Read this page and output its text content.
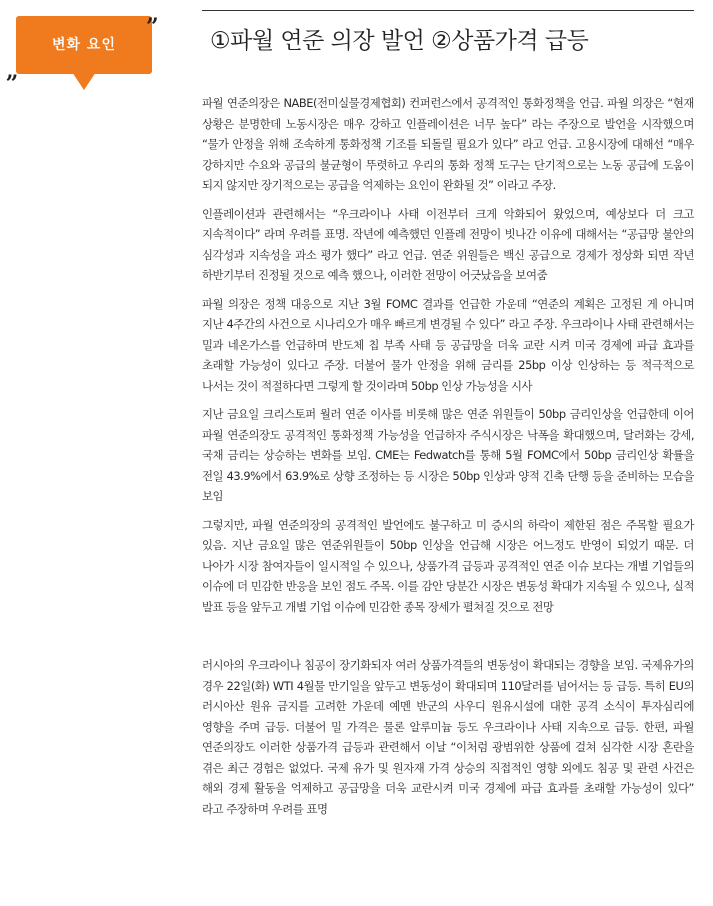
변화 요인
„
”
①파월 연준 의장 발언 ②상품가격 급등

파월 연준의장은 NABE(전미실물경제협회) 컨퍼런스에서 공격적인 통화정책을 언급. 파월 의장은 “현재 상황은 분명한데 노동시장은 매우 강하고 인플레이션은 너무 높다” 라는 주장으로 발언을 시작했으며 “물가 안정을 위해 조속하게 통화정책 기조를 되돌릴 필요가 있다” 라고 언급. 고용시장에 대해선 “매우 강하지만 수요와 공급의 불균형이 뚜렷하고 우리의 통화 정책 도구는 단기적으로는 노동 공급에 도움이 되지 않지만 장기적으로는 공급을 억제하는 요인이 완화될 것” 이라고 주장.

인플레이션과 관련해서는 “우크라이나 사태 이전부터 크게 악화되어 왔었으며, 예상보다 더 크고 지속적이다” 라며 우려를 표명. 작년에 예측했던 인플레 전망이 빗나간 이유에 대해서는 “공급망 불안의 심각성과 지속성을 과소 평가 했다” 라고 언급. 연준 위원들은 백신 공급으로 경제가 정상화 되면 작년 하반기부터 진정될 것으로 예측 했으나, 이러한 전망이 어긋났음을 보여줌

파월 의장은 정책 대응으로 지난 3월 FOMC 결과를 언급한 가운데 “연준의 계획은 고정된 게 아니며 지난 4주간의 사건으로 시나리오가 매우 빠르게 변경될 수 있다” 라고 주장. 우크라이나 사태 관련해서는 밀과 네온가스를 언급하며 반도체 칩 부족 사태 등 공급망을 더욱 교란 시켜 미국 경제에 파급 효과를 초래할 가능성이 있다고 주장. 더불어 물가 안정을 위해 금리를 25bp 이상 인상하는 등 적극적으로 나서는 것이 적절하다면 그렇게 할 것이라며 50bp 인상 가능성을 시사

지난 금요일 크리스토퍼 월러 연준 이사를 비롯해 많은 연준 위원들이 50bp 금리인상을 언급한데 이어 파월 연준의장도 공격적인 통화정책 가능성을 언급하자 주식시장은 낙폭을 확대했으며, 달러화는 강세, 국채 금리는 상승하는 변화를 보임. CME는 Fedwatch를 통해 5월 FOMC에서 50bp 금리인상 확률을 전일 43.9%에서 63.9%로 상향 조정하는 등 시장은 50bp 인상과 양적 긴축 단행 등을 준비하는 모습을 보임

그렇지만, 파월 연준의장의 공격적인 발언에도 불구하고 미 증시의 하락이 제한된 점은 주목할 필요가 있음. 지난 금요일 많은 연준위원들이 50bp 인상을 언급해 시장은 어느정도 반영이 되었기 때문. 더 나아가 시장 참여자들이 일시적일 수 있으나, 상품가격 급등과 공격적인 연준 이슈 보다는 개별 기업들의 이슈에 더 민감한 반응을 보인 점도 주목. 이를 감안 당분간 시장은 변동성 확대가 지속될 수 있으나, 실적 발표 등을 앞두고 개별 기업 이슈에 민감한 종목 장세가 펼쳐질 것으로 전망

러시아의 우크라이나 침공이 장기화되자 여러 상품가격들의 변동성이 확대되는 경향을 보임. 국제유가의 경우 22일(화) WTI 4월물 만기일을 앞두고 변동성이 확대되며 110달러를 넘어서는 등 급등. 특히 EU의 러시아산 원유 금지를 고려한 가운데 예멘 반군의 사우디 원유시설에 대한 공격 소식이 투자심리에 영향을 주며 급등. 더불어 밀 가격은 물론 알루미늄 등도 우크라이나 사태 지속으로 급등. 한편, 파월 연준의장도 이러한 상품가격 급등과 관련해서 이날 “이처럼 광범위한 상품에 걸쳐 심각한 시장 혼란을 겪은 최근 경험은 없었다. 국제 유가 및 원자재 가격 상승의 직접적인 영향 외에도 침공 및 관련 사건은 해외 경제 활동을 억제하고 공급망을 더욱 교란시켜 미국 경제에 파급 효과를 초래할 가능성이 있다” 라고 주장하며 우려를 표명
